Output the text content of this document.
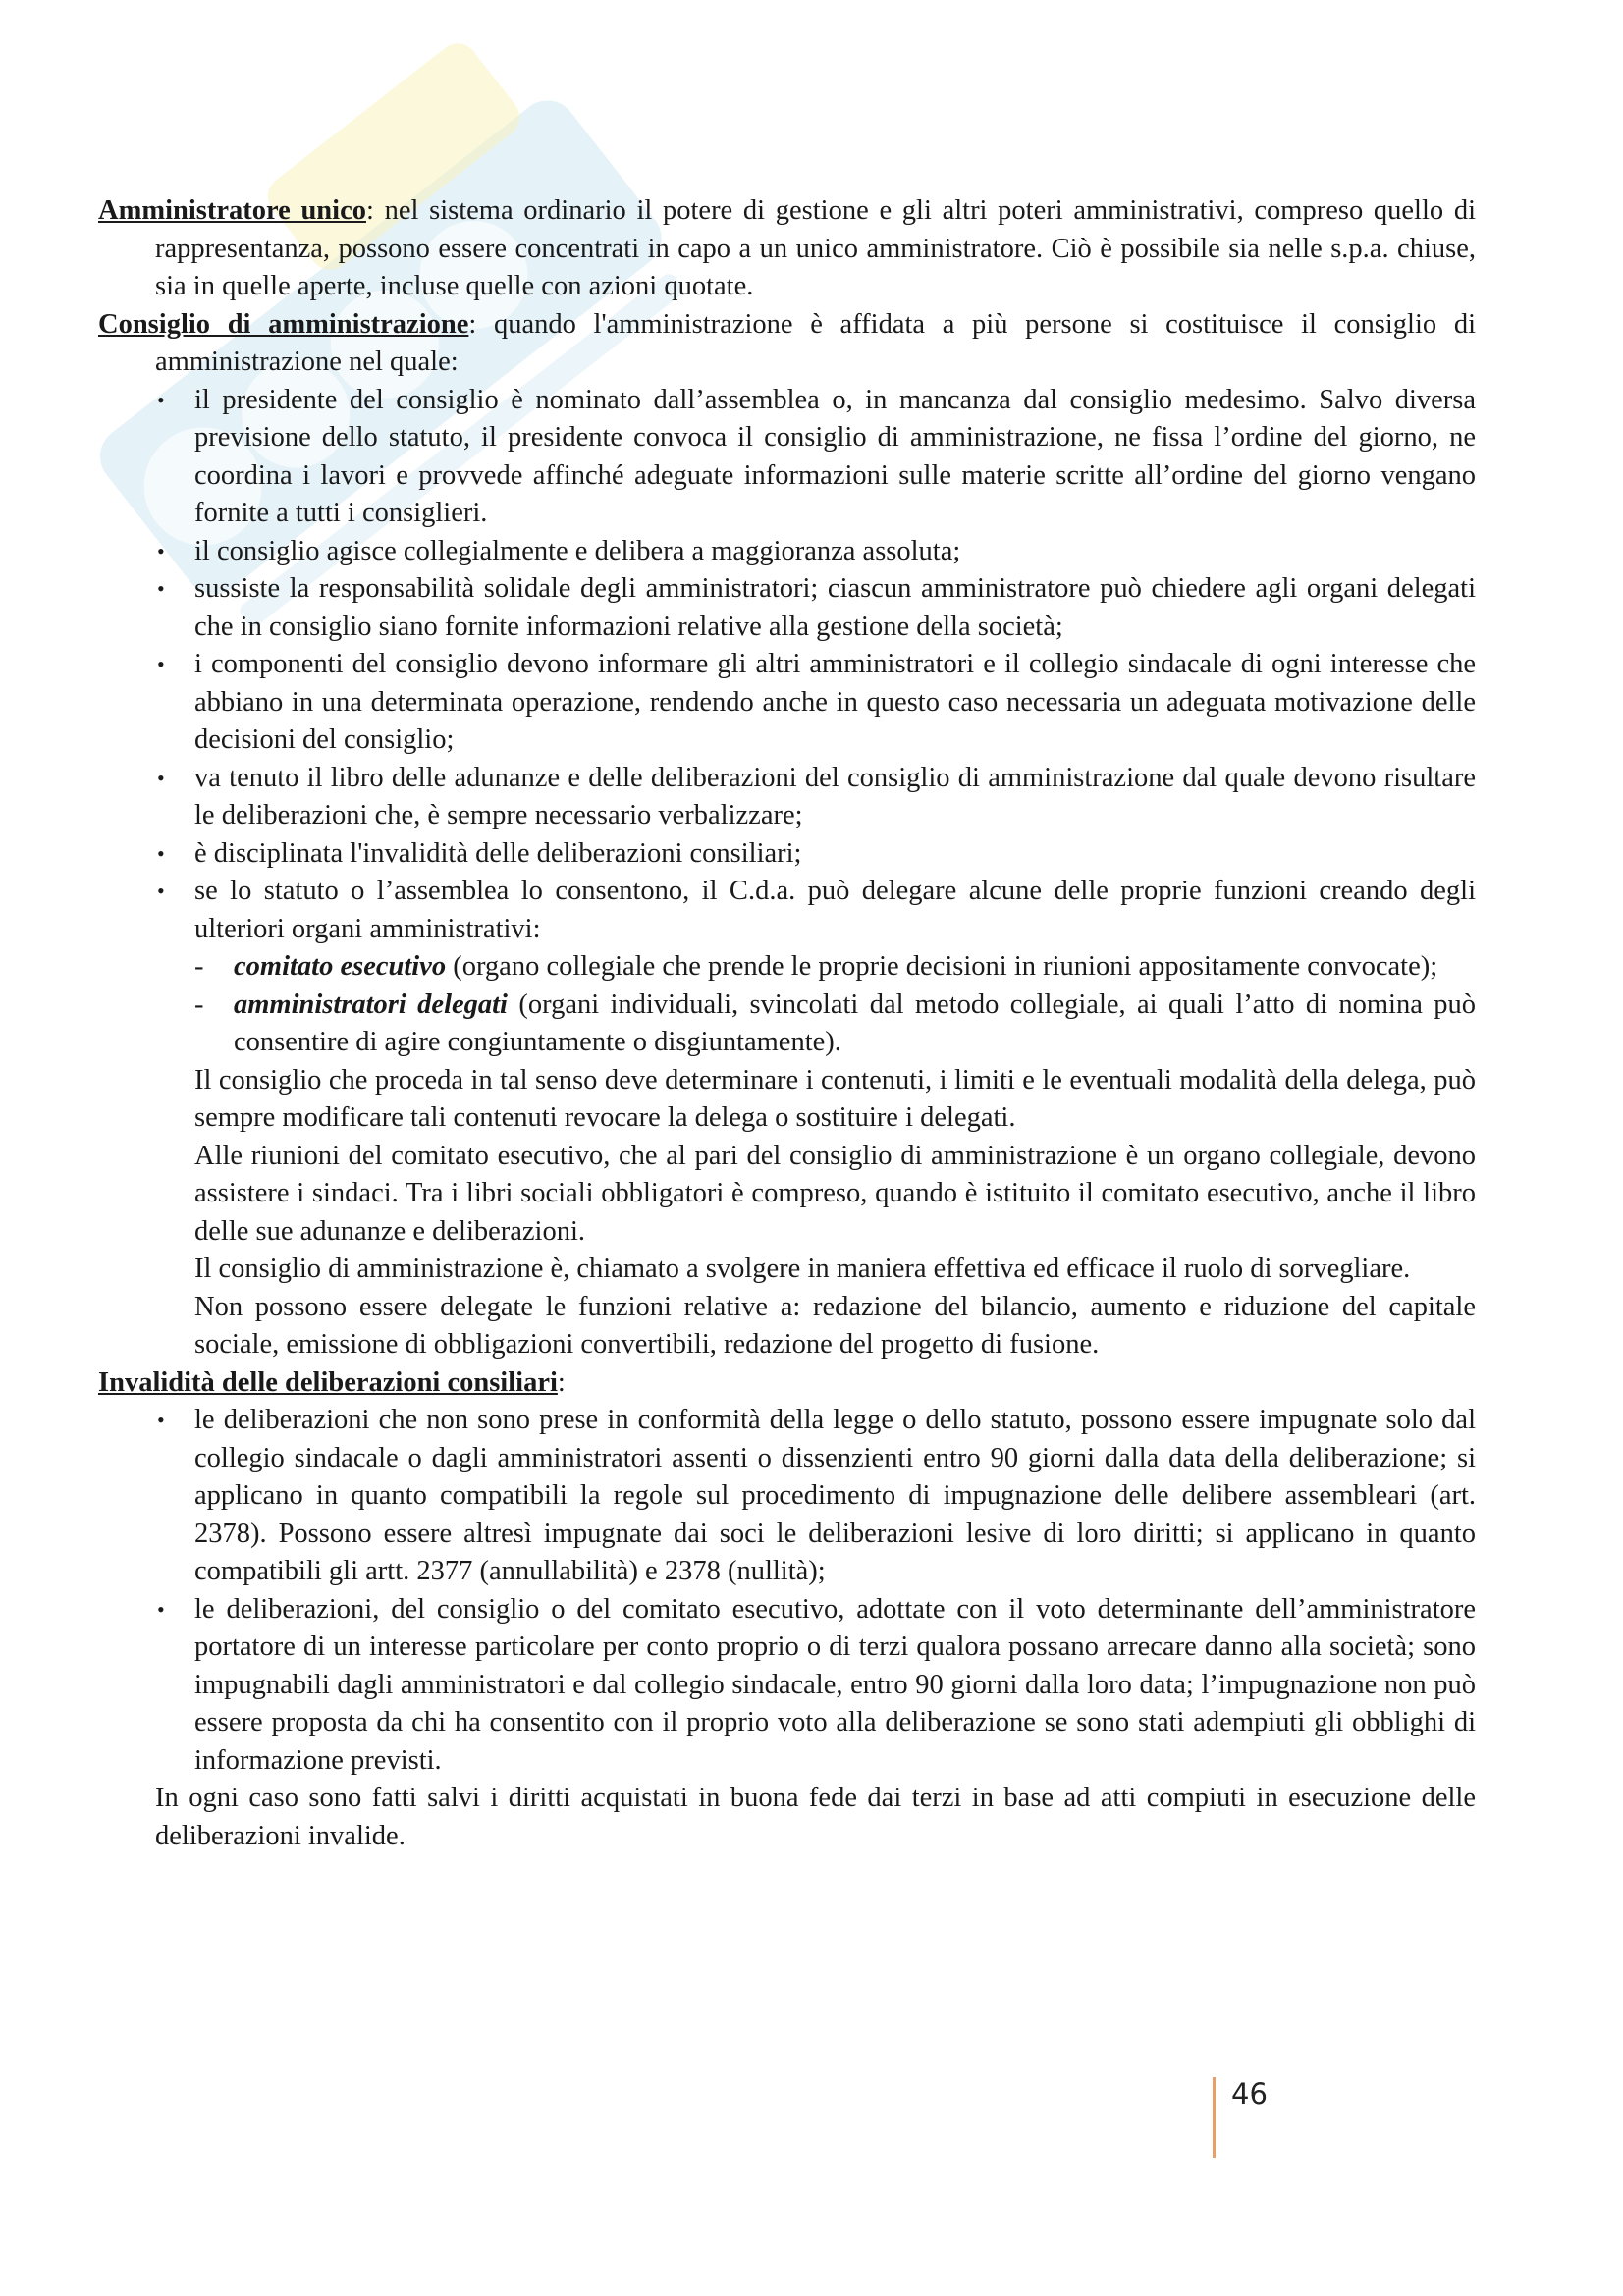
Amministratore unico: nel sistema ordinario il potere di gestione e gli altri poteri amministrativi, compreso quello di rappresentanza, possono essere concentrati in capo a un unico amministratore. Ciò è possibile sia nelle s.p.a. chiuse, sia in quelle aperte, incluse quelle con azioni quotate.

Consiglio di amministrazione: quando l'amministrazione è affidata a più persone si costituisce il consiglio di amministrazione nel quale:

• il presidente del consiglio è nominato dall’assemblea o, in mancanza dal consiglio medesimo. Salvo diversa previsione dello statuto, il presidente convoca il consiglio di amministrazione, ne fissa l’ordine del giorno, ne coordina i lavori e provvede affinché adeguate informazioni sulle materie scritte all’ordine del giorno vengano fornite a tutti i consiglieri.
• il consiglio agisce collegialmente e delibera a maggioranza assoluta;
• sussiste la responsabilità solidale degli amministratori; ciascun amministratore può chiedere agli organi delegati che in consiglio siano fornite informazioni relative alla gestione della società;
• i componenti del consiglio devono informare gli altri amministratori e il collegio sindacale di ogni interesse che abbiano in una determinata operazione, rendendo anche in questo caso necessaria un adeguata motivazione delle decisioni del consiglio;
• va tenuto il libro delle adunanze e delle deliberazioni del consiglio di amministrazione dal quale devono risultare le deliberazioni che, è sempre necessario verbalizzare;
• è disciplinata l'invalidità delle deliberazioni consiliari;
• se lo statuto o l’assemblea lo consentono, il C.d.a. può delegare alcune delle proprie funzioni creando degli ulteriori organi amministrativi:
- comitato esecutivo (organo collegiale che prende le proprie decisioni in riunioni appositamente convocate);
- amministratori delegati (organi individuali, svincolati dal metodo collegiale, ai quali l’atto di nomina può consentire di agire congiuntamente o disgiuntamente).

Il consiglio che proceda in tal senso deve determinare i contenuti, i limiti e le eventuali modalità della delega, può sempre modificare tali contenuti revocare la delega o sostituire i delegati.

Alle riunioni del comitato esecutivo, che al pari del consiglio di amministrazione è un organo collegiale, devono assistere i sindaci. Tra i libri sociali obbligatori è compreso, quando è istituito il comitato esecutivo, anche il libro delle sue adunanze e deliberazioni.

Il consiglio di amministrazione è, chiamato a svolgere in maniera effettiva ed efficace il ruolo di sorvegliare.

Non possono essere delegate le funzioni relative a: redazione del bilancio, aumento e riduzione del capitale sociale, emissione di obbligazioni convertibili, redazione del progetto di fusione.

Invalidità delle deliberazioni consiliari:

• le deliberazioni che non sono prese in conformità della legge o dello statuto, possono essere impugnate solo dal collegio sindacale o dagli amministratori assenti o dissenzienti entro 90 giorni dalla data della deliberazione; si applicano in quanto compatibili la regole sul procedimento di impugnazione delle delibere assembleari (art. 2378). Possono essere altresì impugnate dai soci le deliberazioni lesive di loro diritti; si applicano in quanto compatibili gli artt. 2377 (annullabilità) e 2378 (nullità);
• le deliberazioni, del consiglio o del comitato esecutivo, adottate con il voto determinante dell’amministratore portatore di un interesse particolare per conto proprio o di terzi qualora possano arrecare danno alla società; sono impugnabili dagli amministratori e dal collegio sindacale, entro 90 giorni dalla loro data; l’impugnazione non può essere proposta da chi ha consentito con il proprio voto alla deliberazione se sono stati adempiuti gli obblighi di informazione previsti.

In ogni caso sono fatti salvi i diritti acquistati in buona fede dai terzi in base ad atti compiuti in esecuzione delle deliberazioni invalide.

46
